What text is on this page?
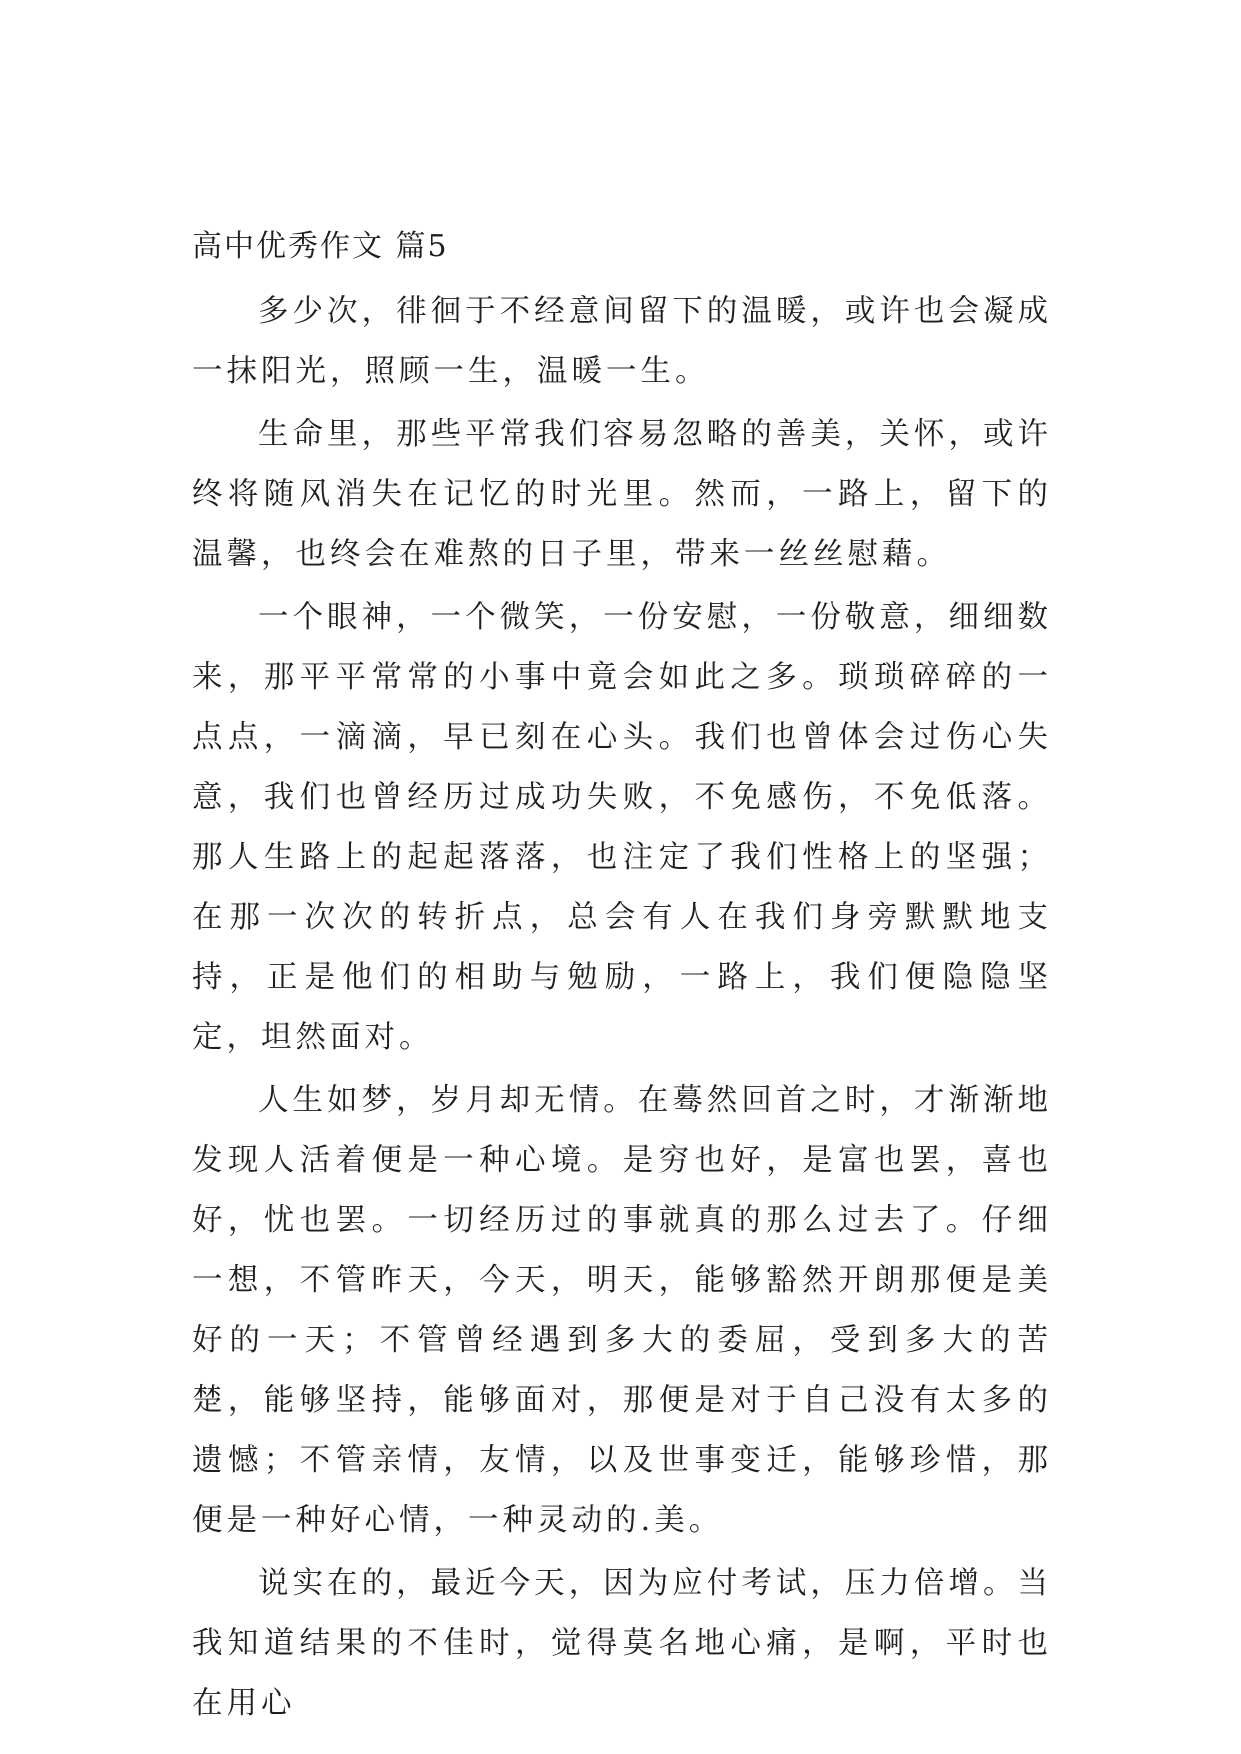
高中优秀作文 篇5

多少次，徘徊于不经意间留下的温暖，或许也会凝成一抹阳光，照顾一生，温暖一生。

生命里，那些平常我们容易忽略的善美，关怀，或许终将随风消失在记忆的时光里。然而，一路上，留下的温馨，也终会在难熬的日子里，带来一丝丝慰藉。

一个眼神，一个微笑，一份安慰，一份敬意，细细数来，那平平常常的小事中竟会如此之多。琐琐碎碎的一点点，一滴滴，早已刻在心头。我们也曾体会过伤心失意，我们也曾经历过成功失败，不免感伤，不免低落。那人生路上的起起落落，也注定了我们性格上的坚强；在那一次次的转折点，总会有人在我们身旁默默地支持，正是他们的相助与勉励，一路上，我们便隐隐坚定，坦然面对。

人生如梦，岁月却无情。在蓦然回首之时，才渐渐地发现人活着便是一种心境。是穷也好，是富也罢，喜也好，忧也罢。一切经历过的事就真的那么过去了。仔细一想，不管昨天，今天，明天，能够豁然开朗那便是美好的一天；不管曾经遇到多大的委屈，受到多大的苦楚，能够坚持，能够面对，那便是对于自己没有太多的遗憾；不管亲情，友情，以及世事变迁，能够珍惜，那便是一种好心情，一种灵动的.美。

说实在的，最近今天，因为应付考试，压力倍增。当我知道结果的不佳时，觉得莫名地心痛，是啊，平时也在用心
